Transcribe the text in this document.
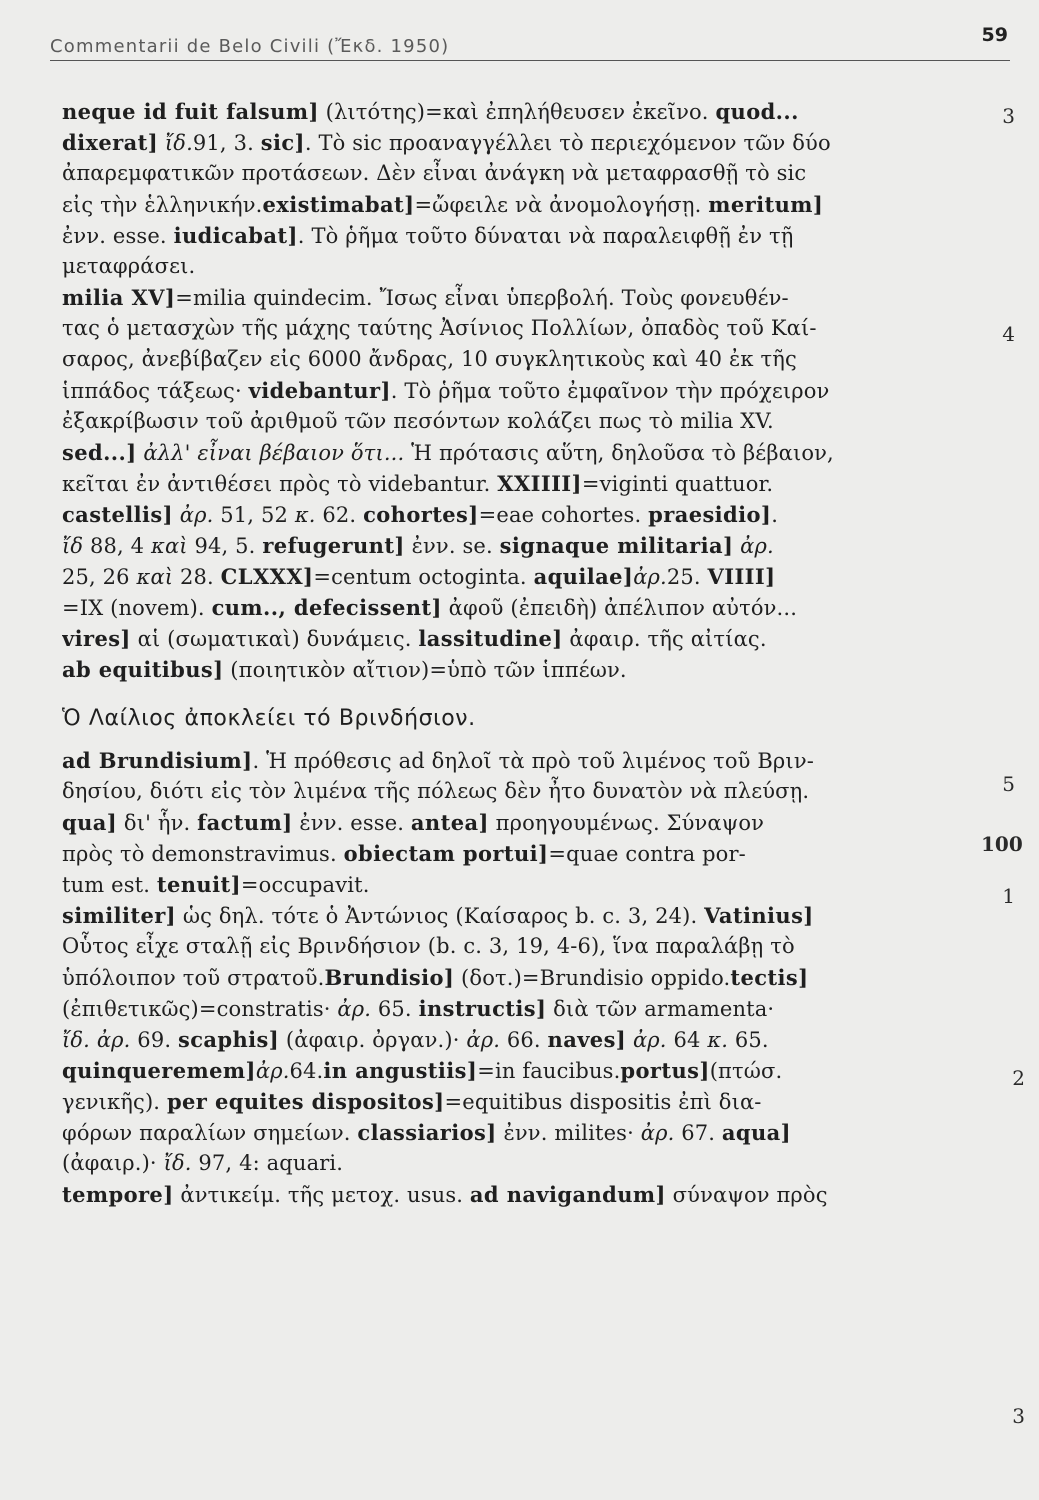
Commentarii de Belo Civili (Ἔκδ. 1950)
59
neque id fuit falsum] (λιτότης)=καὶ ἐπηλήθευσεν ἐκεῖνο. quod...
dixerat] ἴδ.91, 3. sic]. Τὸ sic προαναγγέλλει τὸ περιεχόμενον τῶν δύο
ἀπαρεμφατικῶν προτάσεων. Δὲν εἶναι ἀνάγκη νὰ μεταφρασθῇ τὸ sic
εἰς τὴν ἑλληνικήν.existimabat]=ὤφειλε νὰ ἀνομολογήσῃ. meritum]
ἐνν. esse. iudicabat]. Τὸ ῥῆμα τοῦτο δύναται νὰ παραλειφθῇ ἐν τῇ
μεταφράσει.
milia XV]=milia quindecim. Ἴσως εἶναι ὑπερβολή. Τοὺς φονευθέν-
τας ὁ μετασχὼν τῆς μάχης ταύτης Ἀσίνιος Πολλίων, ὀπαδὸς τοῦ Καί-
σαρος, ἀνεβίβαζεν εἰς 6000 ἄνδρας, 10 συγκλητικοὺς καὶ 40 ἐκ τῆς
ἱππάδος τάξεως· videbantur]. Τὸ ῥῆμα τοῦτο ἐμφαῖνον τὴν πρόχειρον
ἐξακρίβωσιν τοῦ ἀριθμοῦ τῶν πεσόντων κολάζει πως τὸ milia XV.
sed...] ἀλλ' εἶναι βέβαιον ὅτι... Ἡ πρότασις αὕτη, δηλοῦσα τὸ βέβαιον,
κεῖται ἐν ἀντιθέσει πρὸς τὸ videbantur. XXIIII]=viginti quattuor.
castellis] ἀρ. 51, 52 κ. 62. cohortes]=eae cohortes. praesidio].
ἴδ 88, 4 καὶ 94, 5. refugerunt] ἐνν. se. signaque militaria] ἀρ.
25, 26 καὶ 28. CLXXX]=centum octoginta. aquilae]ἀρ.25. VIIII]
=IX (novem). cum.., defecissent] ἀφοῦ (ἐπειδὴ) ἀπέλιπον αὐτόν...
vires] αἱ (σωματικαὶ) δυνάμεις. lassitudine] ἀφαιρ. τῆς αἰτίας.
ab equitibus] (ποιητικὸν αἴτιον)=ὑπὸ τῶν ἱππέων.
Ὁ Λαίλιος ἀποκλείει τό Βρινδήσιον.
ad Brundisium]. Ἡ πρόθεσις ad δηλοῖ τὰ πρὸ τοῦ λιμένος τοῦ Βριν-
δησίου, διότι εἰς τὸν λιμένα τῆς πόλεως δὲν ἦτο δυνατὸν νὰ πλεύσῃ.
qua] δι' ἧν. factum] ἐνν. esse. antea] προηγουμένως. Σύναψον
πρὸς τὸ demonstravimus. obiectam portui]=quae contra por-
tum est. tenuit]=occupavit.
similiter] ὡς δηλ. τότε ὁ Ἀντώνιος (Καίσαρος b. c. 3, 24). Vatinius]
Οὗτος εἶχε σταλῇ εἰς Βρινδήσιον (b. c. 3, 19, 4-6), ἵνα παραλάβῃ τὸ
ὑπόλοιπον τοῦ στρατοῦ.Brundisio] (δοτ.)=Brundisio oppido.tectis]
(ἐπιθετικῶς)=constratis· ἀρ. 65. instructis] διὰ τῶν armamenta·
ἴδ. ἀρ. 69. scaphis] (ἀφαιρ. ὀργαν.)· ἀρ. 66. naves] ἀρ. 64 κ. 65.
quinqueremem]ἀρ.64.in angustiis]=in faucibus.portus](πτώσ.
γενικῆς). per equites dispositos]=equitibus dispositis ἐπὶ δια-
φόρων παραλίων σημείων. classiarios] ἐνν. milites· ἀρ. 67. aqua]
(ἀφαιρ.)· ἴδ. 97, 4: aquari.
tempore] ἀντικείμ. τῆς μετοχ. usus. ad navigandum] σύναψον πρὸς
3
4
5
100
1
2
3
